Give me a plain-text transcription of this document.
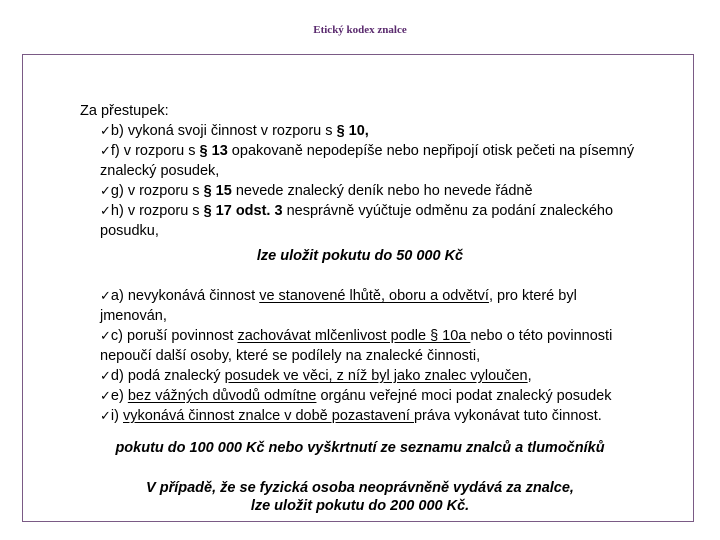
Etický kodex znalce
Za přestupek:
✓b) vykoná svoji činnost v rozporu s § 10,
✓f) v rozporu s § 13 opakovaně nepodepíše nebo nepřipojí otisk pečeti na písemný
znalecký posudek,
✓g) v rozporu s § 15 nevede znalecký deník nebo ho nevede řádně
✓h) v rozporu s § 17 odst. 3 nesprávně vyúčtuje odměnu za podání znaleckého
posudku,
lze uložit pokutu do 50 000 Kč
✓a) nevykonává činnost ve stanovené lhůtě, oboru a odvětví, pro které byl
jmenován,
✓c) poruší povinnost zachovávat mlčenlivost podle § 10a nebo o této povinnosti
nepoučí další osoby, které se podílely na znalecké činnosti,
✓d) podá znalecký posudek ve věci, z níž byl jako znalec vyloučen,
✓e) bez vážných důvodů odmítne orgánu veřejné moci podat znalecký posudek
✓i) vykonává činnost znalce v době pozastavení práva vykonávat tuto činnost.
pokutu do 100 000 Kč nebo vyškrtnutí ze seznamu znalců a tlumočníků
V případě, že se fyzická osoba neoprávněně vydává za znalce,
lze uložit pokutu do 200 000 Kč.
